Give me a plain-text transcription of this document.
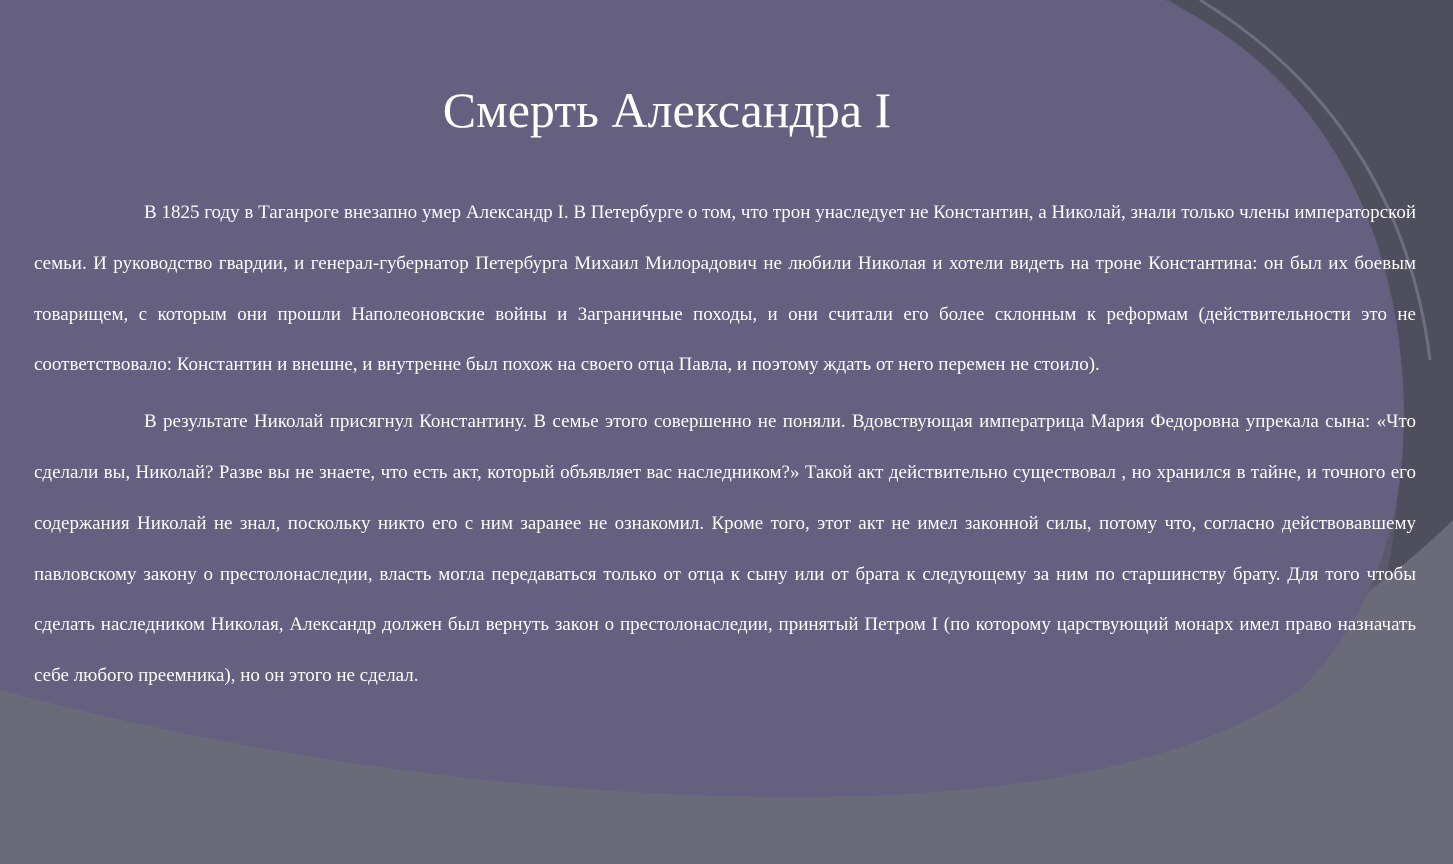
Смерть Александра I

В 1825 году в Таганроге внезапно умер Александр I. В Петербурге о том, что трон унаследует не Константин, а Николай, знали только члены императорской семьи. И руководство гвардии, и генерал-губернатор Петербурга Михаил Милорадович не любили Николая и хотели видеть на троне Константина: он был их боевым товарищем, с которым они прошли Наполеоновские войны и Заграничные походы, и они считали его более склонным к реформам (действительности это не соответствовало: Константин и внешне, и внутренне был похож на своего отца Павла, и поэтому ждать от него перемен не стоило).

В результате Николай присягнул Константину. В семье этого совершенно не поняли. Вдовствующая императрица Мария Федоровна упрекала сына: «Что сделали вы, Николай? Разве вы не знаете, что есть акт, который объявляет вас наследником?» Такой акт действительно существовал , но хранился в тайне, и точного его содержания Николай не знал, поскольку никто его с ним заранее не ознакомил. Кроме того, этот акт не имел законной силы, потому что, согласно действовавшему павловскому закону о престолонаследии, власть могла передаваться только от отца к сыну или от брата к следующему за ним по старшинству брату. Для того чтобы сделать наследником Николая, Александр должен был вернуть закон о престолонаследии, принятый Петром I (по которому царствующий монарх имел право назначать себе любого преемника), но он этого не сделал.
